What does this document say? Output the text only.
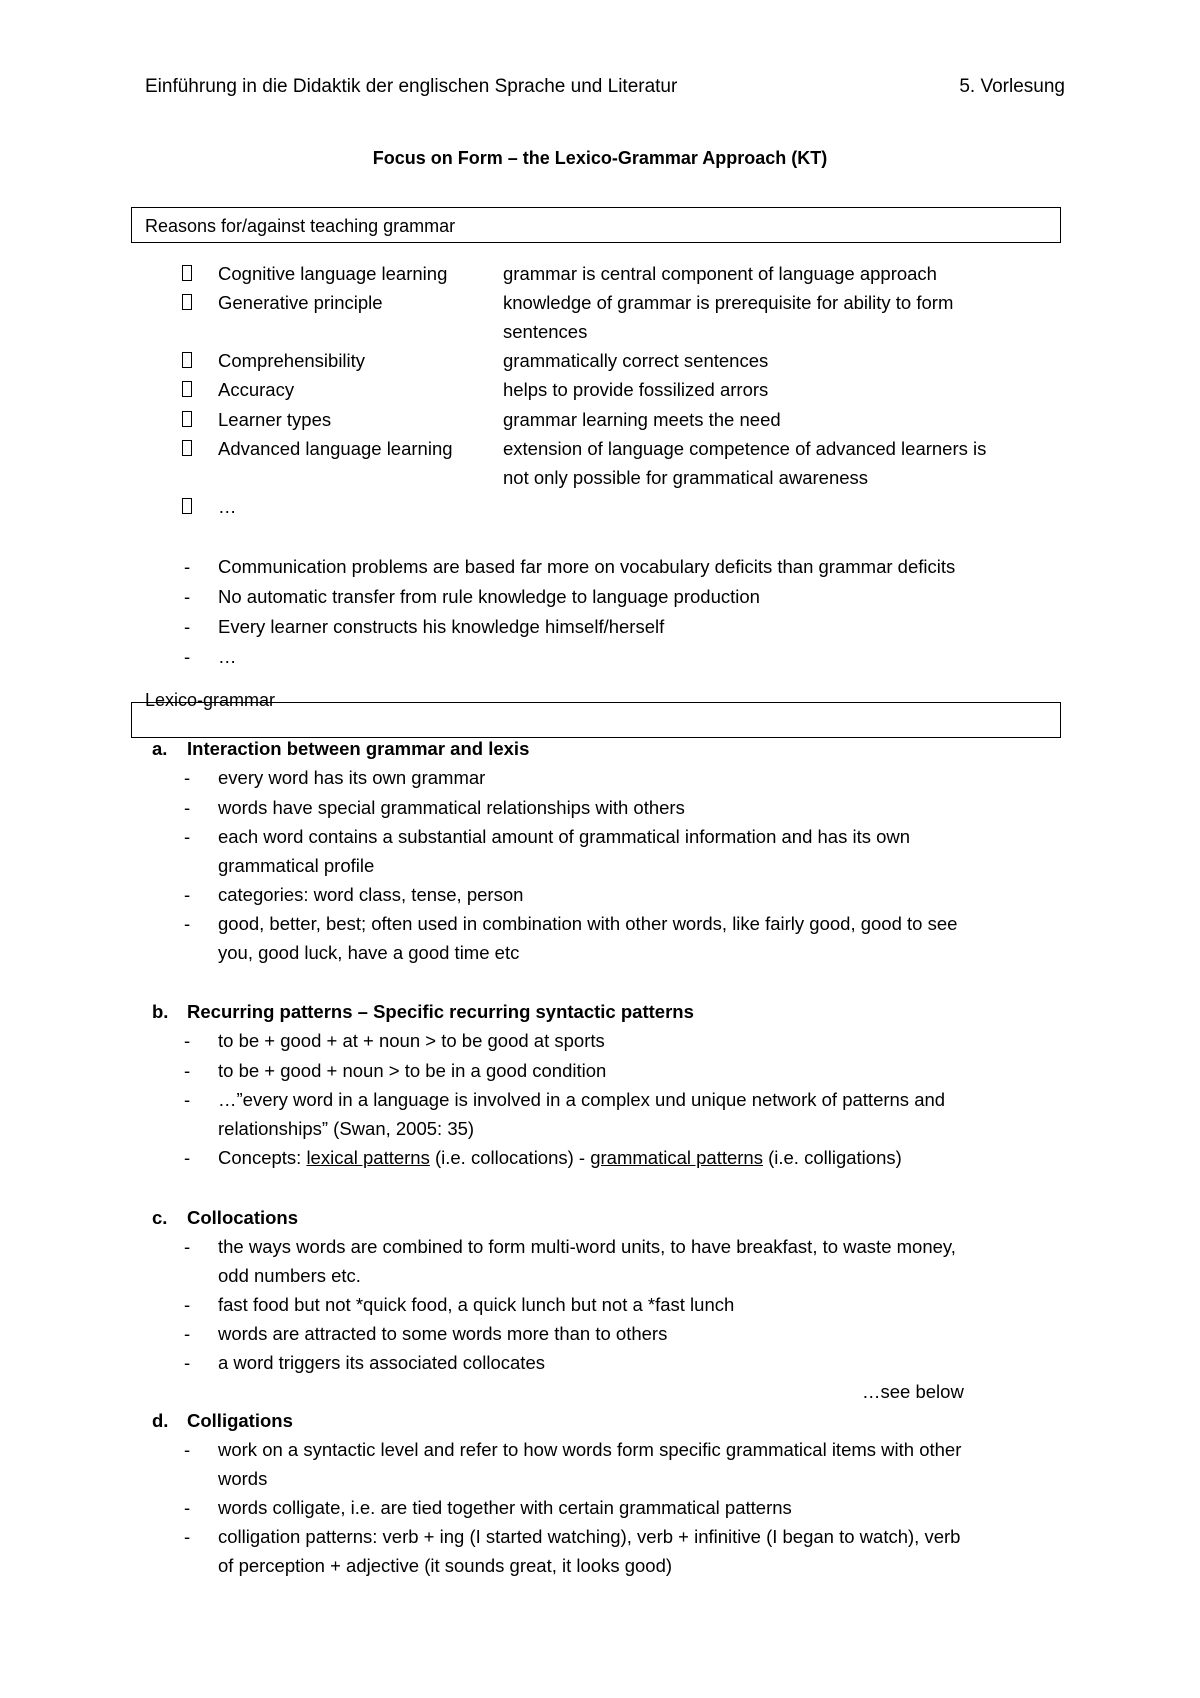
Einführung in die Didaktik der englischen Sprache und Literatur	5. Vorlesung
Focus on Form – the Lexico-Grammar Approach (KT)
Reasons for/against teaching grammar
Cognitive language learning	grammar is central component of language approach
Generative principle	knowledge of grammar is prerequisite for ability to form
sentences
Comprehensibility	grammatically correct sentences
Accuracy	helps to provide fossilized arrors
Learner types	grammar learning meets the need
Advanced language learning	extension of language competence of advanced learners is
not only possible for grammatical awareness
…
- Communication problems are based far more on vocabulary deficits than grammar deficits
- No automatic transfer from rule knowledge to language production
- Every learner constructs his knowledge himself/herself
- …
Lexico-grammar
a. Interaction between grammar and lexis
- every word has its own grammar
- words have special grammatical relationships with others
- each word contains a substantial amount of grammatical information and has its own
grammatical profile
- categories: word class, tense, person
- good, better, best; often used in combination with other words, like fairly good, good to see
you, good luck, have a good time etc
b. Recurring patterns – Specific recurring syntactic patterns
- to be + good + at + noun > to be good at sports
- to be + good + noun > to be in a good condition
- …”every word in a language is involved in a complex und unique network of patterns and
relationships” (Swan, 2005: 35)
- Concepts: lexical patterns (i.e. collocations) - grammatical patterns (i.e. colligations)
c. Collocations
- the ways words are combined to form multi-word units, to have breakfast, to waste money,
odd numbers etc.
- fast food but not *quick food, a quick lunch but not a *fast lunch
- words are attracted to some words more than to others
- a word triggers its associated collocates
…see below
d. Colligations
- work on a syntactic level and refer to how words form specific grammatical items with other
words
- words colligate, i.e. are tied together with certain grammatical patterns
- colligation patterns: verb + ing (I started watching), verb + infinitive (I began to watch), verb
of perception + adjective (it sounds great, it looks good)
